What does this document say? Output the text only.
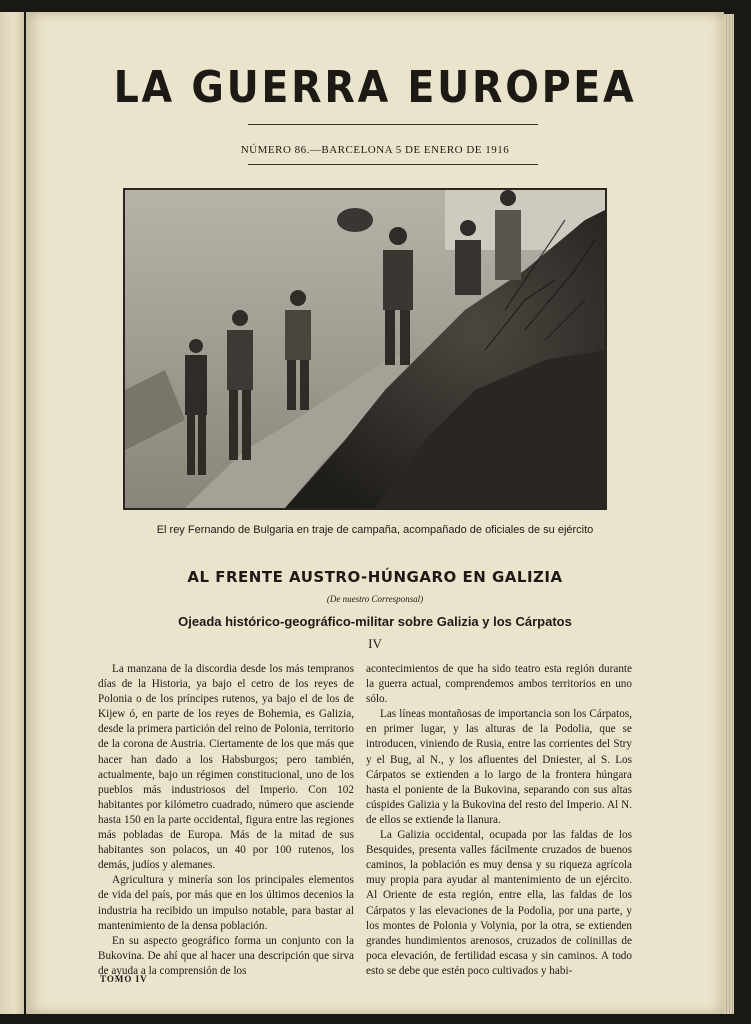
LA GUERRA EUROPEA
NÚMERO 86.—BARCELONA 5 DE ENERO DE 1916
El rey Fernando de Bulgaria en traje de campaña, acompañado de oficiales de su ejército
AL FRENTE AUSTRO-HÚNGARO EN GALIZIA
(De nuestro Corresponsal)
Ojeada histórico-geográfico-militar sobre Galizia y los Cárpatos
IV

La manzana de la discordia desde los más tempranos días de la Historia, ya bajo el cetro de los reyes de Polonia o de los príncipes rutenos, ya bajo el de los de Kijew ó, en parte de los reyes de Bohemia, es Galizia, desde la primera partición del reino de Polonia, territorio de la corona de Austria. Ciertamente de los que más que hacer han dado a los Habsburgos; pero también, actualmente, bajo un régimen constitucional, uno de los pueblos más industriosos del Imperio. Con 102 habitantes por kilómetro cuadrado, número que asciende hasta 150 en la parte occidental, figura entre las regiones más pobladas de Europa. Más de la mitad de sus habitantes son polacos, un 40 por 100 rutenos, los demás, judíos y alemanes.

Agricultura y minería son los principales elementos de vida del país, por más que en los últimos decenios la industria ha recibido un impulso notable, para bastar al mantenimiento de la densa población.

En su aspecto geográfico forma un conjunto con la Bukovina. De ahí que al hacer una descripción que sirva de ayuda a la comprensión de los

acontecimientos de que ha sido teatro esta región durante la guerra actual, comprendemos ambos territorios en uno sólo.

Las líneas montañosas de importancia son los Cárpatos, en primer lugar, y las alturas de la Podolia, que se introducen, viniendo de Rusia, entre las corrientes del Stry y el Bug, al N., y los afluentes del Dniester, al S. Los Cárpatos se extienden a lo largo de la frontera húngara hasta el poniente de la Bukovina, separando con sus altas cúspides Galizia y la Bukovina del resto del Imperio. Al N. de ellos se extiende la llanura.

La Galizia occidental, ocupada por las faldas de los Besquides, presenta valles fácilmente cruzados de buenos caminos, la población es muy densa y su riqueza agrícola muy propia para ayudar al mantenimiento de un ejército. Al Oriente de esta región, entre ella, las faldas de los Cárpatos y las elevaciones de la Podolia, por una parte, y los montes de Polonia y Volynia, por la otra, se extienden grandes hundimientos arenosos, cruzados de colinillas de poca elevación, de fertilidad escasa y sin caminos. A todo esto se debe que estén poco cultivados y habi-

TOMO IV
